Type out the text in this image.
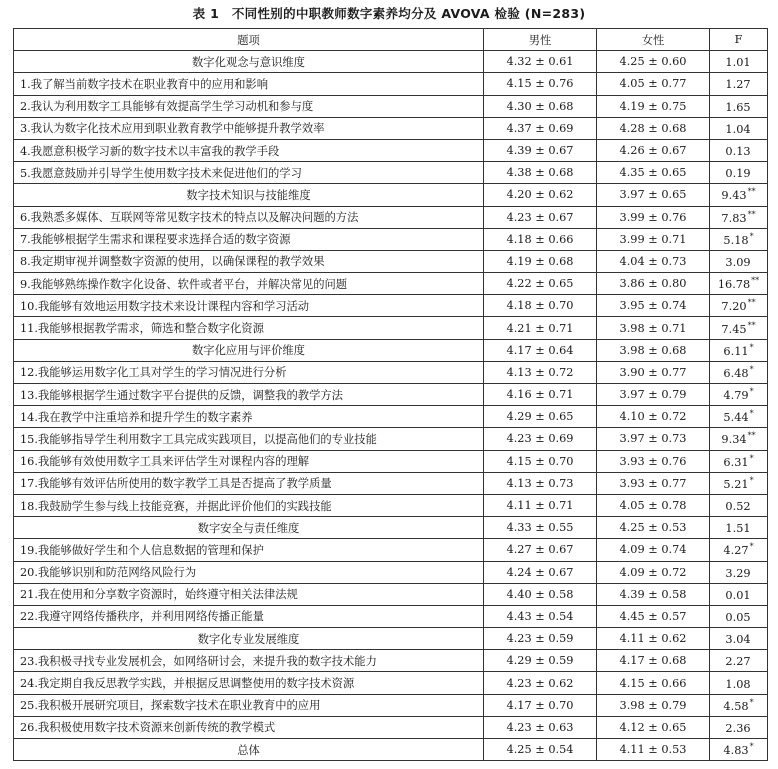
表 1　不同性别的中职教师数字素养均分及 AVOVA 检验 (N=283)
题项	男性	女性	F
数字化观念与意识维度	4.32 ± 0.61	4.25 ± 0.60	1.01
1.我了解当前数字技术在职业教育中的应用和影响	4.15 ± 0.76	4.05 ± 0.77	1.27
2.我认为利用数字工具能够有效提高学生学习动机和参与度	4.30 ± 0.68	4.19 ± 0.75	1.65
3.我认为数字化技术应用到职业教育教学中能够提升教学效率	4.37 ± 0.69	4.28 ± 0.68	1.04
4.我愿意积极学习新的数字技术以丰富我的教学手段	4.39 ± 0.67	4.26 ± 0.67	0.13
5.我愿意鼓励并引导学生使用数字技术来促进他们的学习	4.38 ± 0.68	4.35 ± 0.65	0.19
数字技术知识与技能维度	4.20 ± 0.62	3.97 ± 0.65	9.43**
6.我熟悉多媒体、互联网等常见数字技术的特点以及解决问题的方法	4.23 ± 0.67	3.99 ± 0.76	7.83**
7.我能够根据学生需求和课程要求选择合适的数字资源	4.18 ± 0.66	3.99 ± 0.71	5.18*
8.我定期审视并调整数字资源的使用，以确保课程的教学效果	4.19 ± 0.68	4.04 ± 0.73	3.09
9.我能够熟练操作数字化设备、软件或者平台，并解决常见的问题	4.22 ± 0.65	3.86 ± 0.80	16.78**
10.我能够有效地运用数字技术来设计课程内容和学习活动	4.18 ± 0.70	3.95 ± 0.74	7.20**
11.我能够根据教学需求，筛选和整合数字化资源	4.21 ± 0.71	3.98 ± 0.71	7.45**
数字化应用与评价维度	4.17 ± 0.64	3.98 ± 0.68	6.11*
12.我能够运用数字化工具对学生的学习情况进行分析	4.13 ± 0.72	3.90 ± 0.77	6.48*
13.我能够根据学生通过数字平台提供的反馈，调整我的教学方法	4.16 ± 0.71	3.97 ± 0.79	4.79*
14.我在教学中注重培养和提升学生的数字素养	4.29 ± 0.65	4.10 ± 0.72	5.44*
15.我能够指导学生利用数字工具完成实践项目，以提高他们的专业技能	4.23 ± 0.69	3.97 ± 0.73	9.34**
16.我能够有效使用数字工具来评估学生对课程内容的理解	4.15 ± 0.70	3.93 ± 0.76	6.31*
17.我能够有效评估所使用的数字教学工具是否提高了教学质量	4.13 ± 0.73	3.93 ± 0.77	5.21*
18.我鼓励学生参与线上技能竞赛，并据此评价他们的实践技能	4.11 ± 0.71	4.05 ± 0.78	0.52
数字安全与责任维度	4.33 ± 0.55	4.25 ± 0.53	1.51
19.我能够做好学生和个人信息数据的管理和保护	4.27 ± 0.67	4.09 ± 0.74	4.27*
20.我能够识别和防范网络风险行为	4.24 ± 0.67	4.09 ± 0.72	3.29
21.我在使用和分享数字资源时，始终遵守相关法律法规	4.40 ± 0.58	4.39 ± 0.58	0.01
22.我遵守网络传播秩序，并利用网络传播正能量	4.43 ± 0.54	4.45 ± 0.57	0.05
数字化专业发展维度	4.23 ± 0.59	4.11 ± 0.62	3.04
23.我积极寻找专业发展机会，如网络研讨会，来提升我的数字技术能力	4.29 ± 0.59	4.17 ± 0.68	2.27
24.我定期自我反思教学实践，并根据反思调整使用的数字技术资源	4.23 ± 0.62	4.15 ± 0.66	1.08
25.我积极开展研究项目，探索数字技术在职业教育中的应用	4.17 ± 0.70	3.98 ± 0.79	4.58*
26.我积极使用数字技术资源来创新传统的教学模式	4.23 ± 0.63	4.12 ± 0.65	2.36
总体	4.25 ± 0.54	4.11 ± 0.53	4.83*
